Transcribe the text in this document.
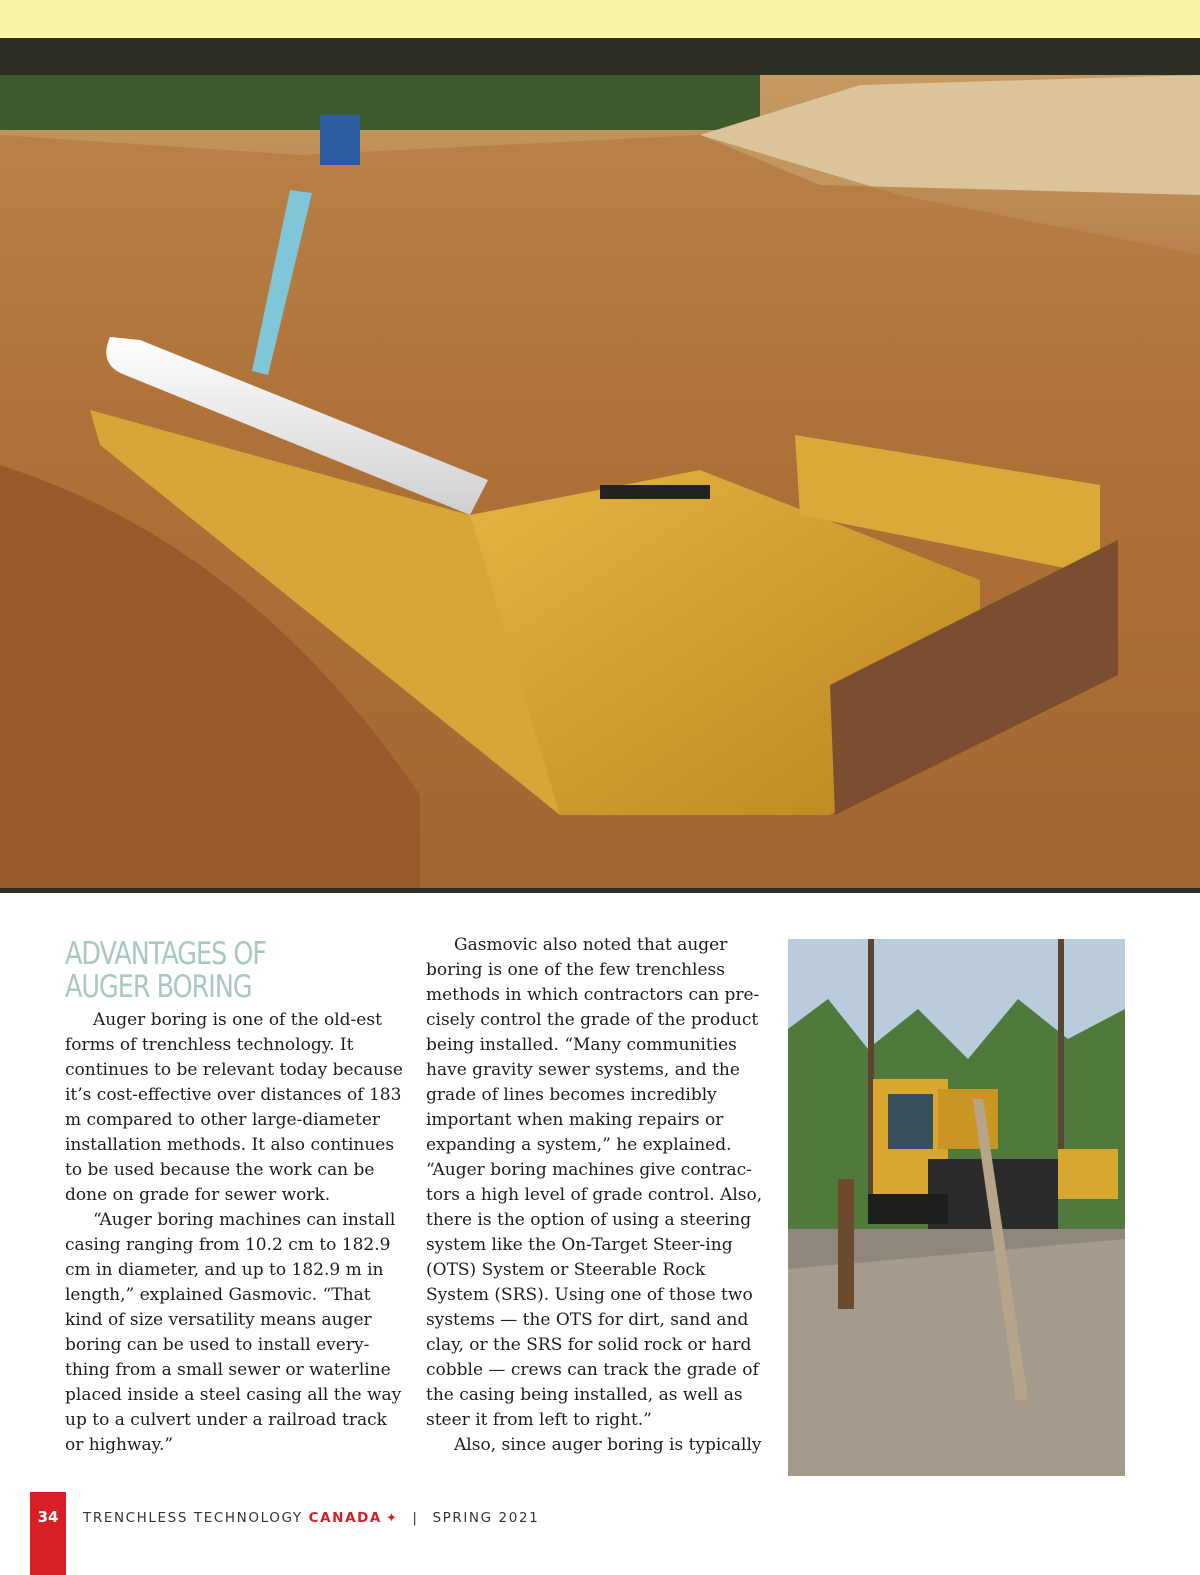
ADVANTAGES OF
AUGER BORING

Auger boring is one of the old-est forms of trenchless technology. It continues to be relevant today because it’s cost-effective over distances of 183 m compared to other large-diameter installation methods. It also continues to be used because the work can be done on grade for sewer work.

“Auger boring machines can install casing ranging from 10.2 cm to 182.9 cm in diameter, and up to 182.9 m in length,” explained Gasmovic. “That kind of size versatility means auger boring can be used to install every-thing from a small sewer or waterline placed inside a steel casing all the way up to a culvert under a railroad track or highway.”

Gasmovic also noted that auger boring is one of the few trenchless methods in which contractors can pre-cisely control the grade of the product being installed. “Many communities have gravity sewer systems, and the grade of lines becomes incredibly important when making repairs or expanding a system,” he explained. “Auger boring machines give contrac-tors a high level of grade control. Also, there is the option of using a steering system like the On-Target Steer-ing (OTS) System or Steerable Rock System (SRS). Using one of those two systems — the OTS for dirt, sand and clay, or the SRS for solid rock or hard cobble — crews can track the grade of the casing being installed, as well as steer it from left to right.”

Also, since auger boring is typically

34	TRENCHLESS TECHNOLOGY CANADA ✦ | SPRING 2021
